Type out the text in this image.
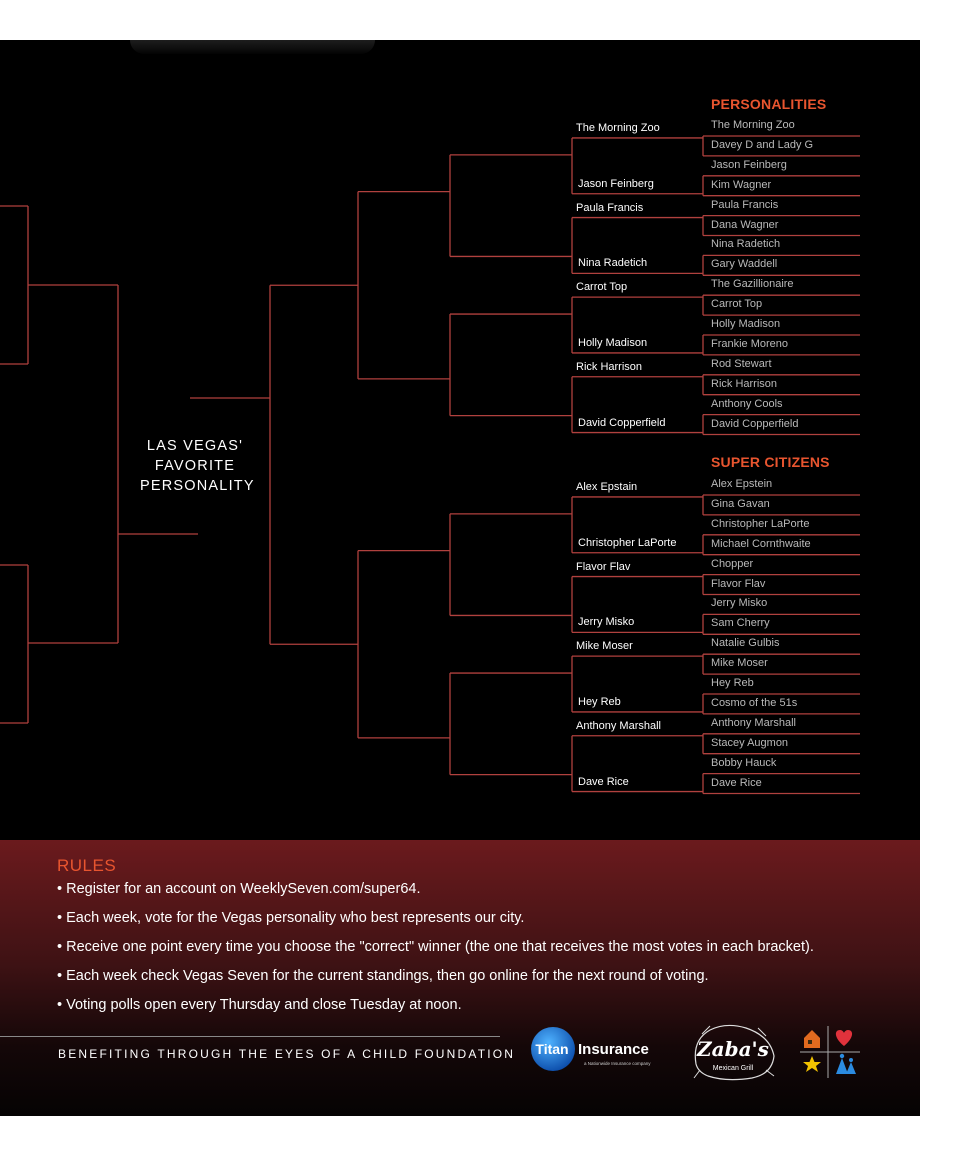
LAS VEGAS'
FAVORITE
PERSONALITY
PERSONALITIES
SUPER CITIZENS
The Morning Zoo
Davey D and Lady G
Jason Feinberg
Kim Wagner
Paula Francis
Dana Wagner
Nina Radetich
Gary Waddell
The Gazillionaire
Carrot Top
Holly Madison
Frankie Moreno
Rod Stewart
Rick Harrison
Anthony Cools
David Copperfield
The Morning Zoo
Jason Feinberg
Paula Francis
Nina Radetich
Carrot Top
Holly Madison
Rick Harrison
David Copperfield
Alex Epstein
Gina Gavan
Christopher LaPorte
Michael Cornthwaite
Chopper
Flavor Flav
Jerry Misko
Sam Cherry
Natalie Gulbis
Mike Moser
Hey Reb
Cosmo of the 51s
Anthony Marshall
Stacey Augmon
Bobby Hauck
Dave Rice
Alex Epstain
Christopher LaPorte
Flavor Flav
Jerry Misko
Mike Moser
Hey Reb
Anthony Marshall
Dave Rice
RULES
• Register for an account on WeeklySeven.com/super64.
• Each week, vote for the Vegas personality who best represents our city.
• Receive one point every time you choose the "correct" winner (the one that receives the most votes in each bracket).
• Each week check Vegas Seven for the current standings, then go online for the next round of voting.
• Voting polls open every Thursday and close Tuesday at noon.
BENEFITING THROUGH THE EYES OF A CHILD FOUNDATION Titan Insurance
a Nationwide Insurance company
Zaba's
Mexican Grill
